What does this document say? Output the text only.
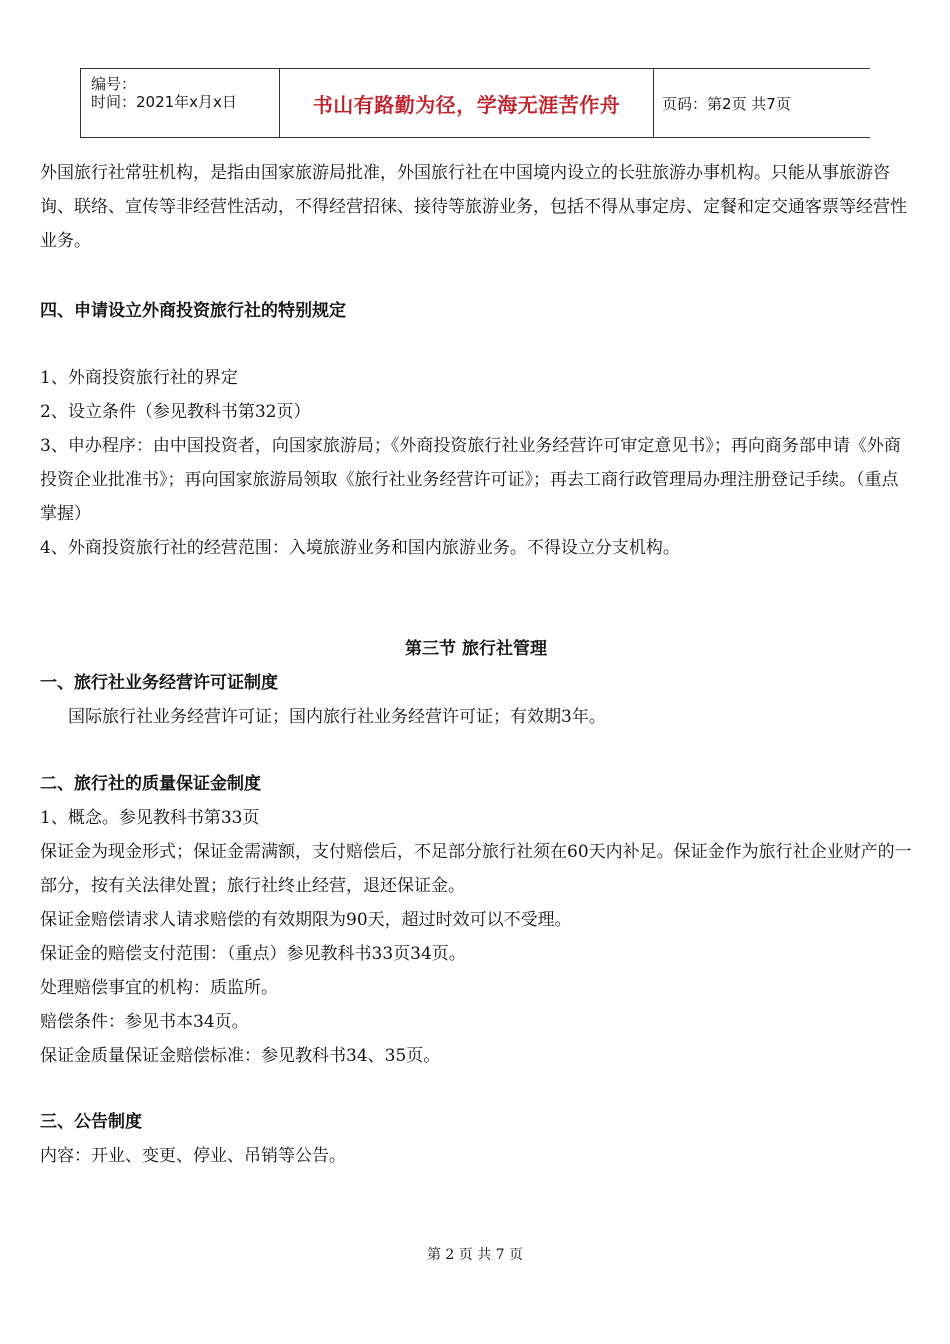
编号：
时间：2021年x月x日	书山有路勤为径，学海无涯苦作舟	页码：第2页 共7页
外国旅行社常驻机构，是指由国家旅游局批准，外国旅行社在中国境内设立的长驻旅游办事机构。只能从事旅游咨询、联络、宣传等非经营性活动，不得经营招徕、接待等旅游业务，包括不得从事定房、定餐和定交通客票等经营性业务。
四、申请设立外商投资旅行社的特别规定
1、外商投资旅行社的界定
2、设立条件（参见教科书第32页）
3、申办程序：由中国投资者，向国家旅游局；《外商投资旅行社业务经营许可审定意见书》；再向商务部申请《外商投资企业批准书》；再向国家旅游局领取《旅行社业务经营许可证》；再去工商行政管理局办理注册登记手续。（重点掌握）
4、外商投资旅行社的经营范围：入境旅游业务和国内旅游业务。不得设立分支机构。
第三节 旅行社管理
一、旅行社业务经营许可证制度
国际旅行社业务经营许可证；国内旅行社业务经营许可证；有效期3年。
二、旅行社的质量保证金制度
1、概念。参见教科书第33页
保证金为现金形式；保证金需满额，支付赔偿后，不足部分旅行社须在60天内补足。保证金作为旅行社企业财产的一部分，按有关法律处置；旅行社终止经营，退还保证金。
保证金赔偿请求人请求赔偿的有效期限为90天，超过时效可以不受理。
保证金的赔偿支付范围：（重点）参见教科书33页34页。
处理赔偿事宜的机构：质监所。
赔偿条件：参见书本34页。
保证金质量保证金赔偿标准：参见教科书34、35页。
三、公告制度
内容：开业、变更、停业、吊销等公告。
第 2 页 共 7 页
